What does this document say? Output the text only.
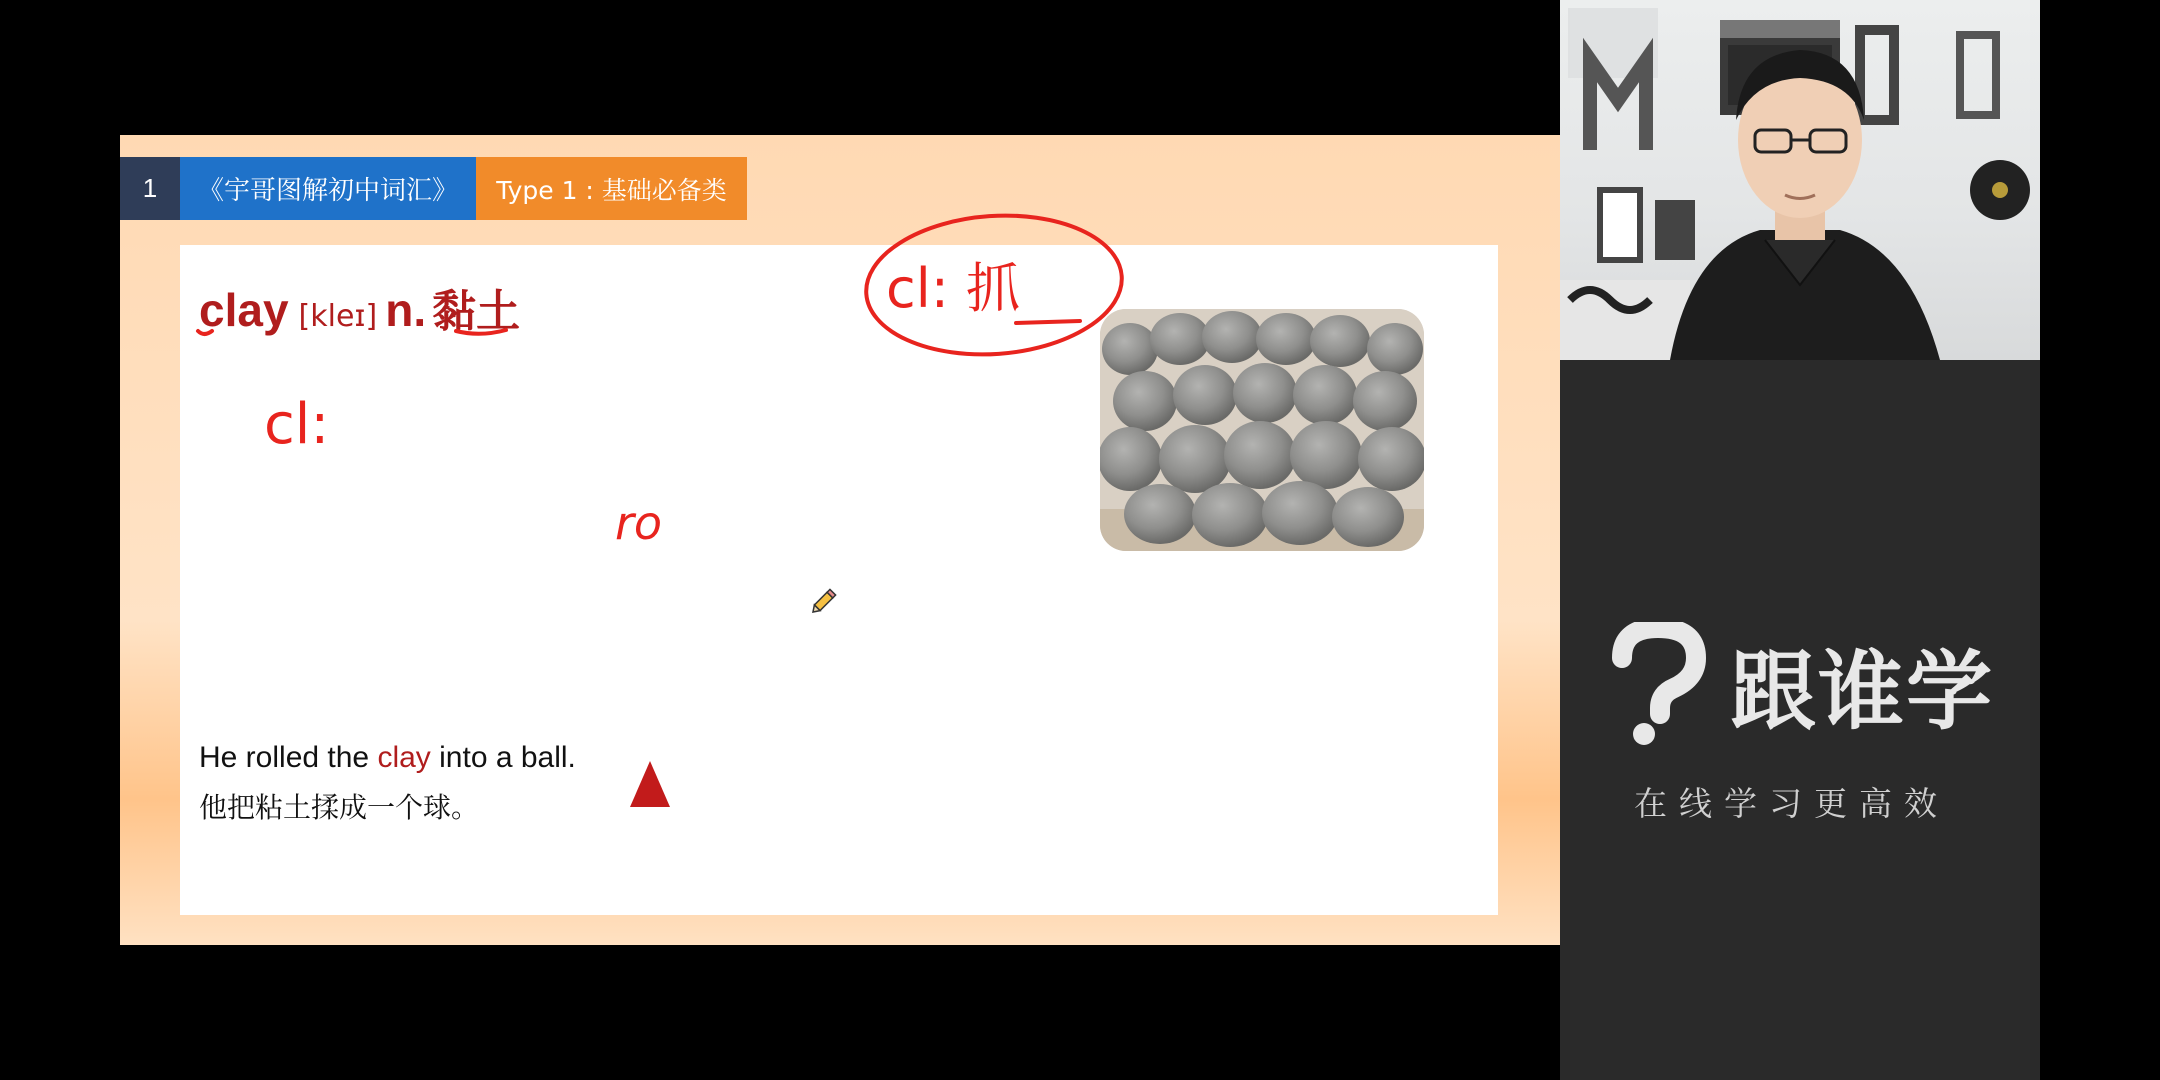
1	《宇哥图解初中词汇》	Type 1 : 基础必备类
clay [kleɪ] n. 黏土
He rolled the clay into a ball.
他把粘土揉成一个球。
cl:
ro
cl: 抓
跟谁学
在线学习更高效
